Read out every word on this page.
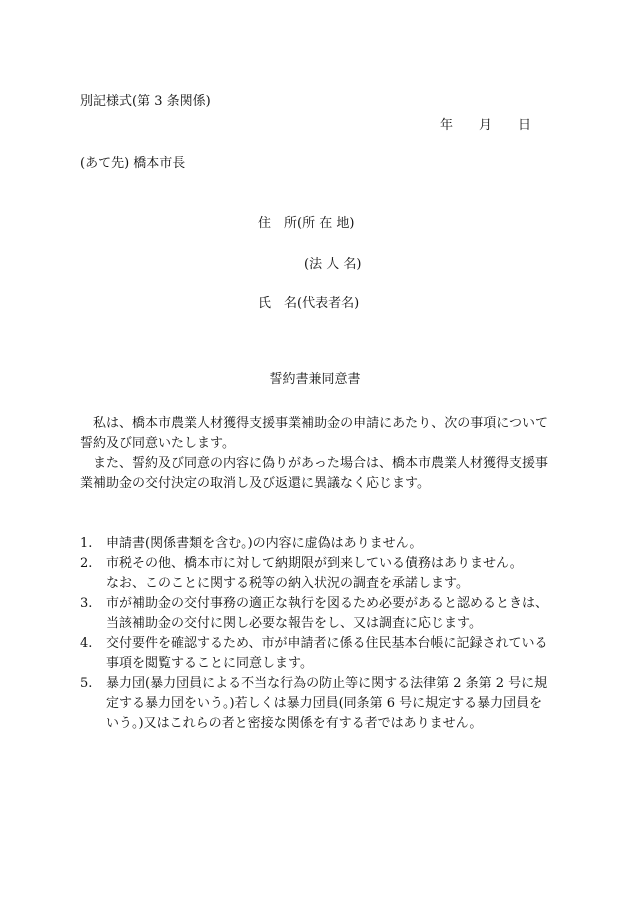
別記様式(第 3 条関係)

年 月 日

(あて先) 橋本市長

住　所(所 在 地)

(法 人 名)

氏　名(代表者名)

誓約書兼同意書

私は、橋本市農業人材獲得支援事業補助金の申請にあたり、次の事項について誓約及び同意いたします。

また、誓約及び同意の内容に偽りがあった場合は、橋本市農業人材獲得支援事業補助金の交付決定の取消し及び返還に異議なく応じます。

1.	申請書(関係書類を含む。)の内容に虚偽はありません。
2.	市税その他、橋本市に対して納期限が到来している債務はありません。
なお、このことに関する税等の納入状況の調査を承諾します。
3.	市が補助金の交付事務の適正な執行を図るため必要があると認めるときは、当該補助金の交付に関し必要な報告をし、又は調査に応じます。
4.	交付要件を確認するため、市が申請者に係る住民基本台帳に記録されている事項を閲覧することに同意します。
5.	暴力団(暴力団員による不当な行為の防止等に関する法律第 2 条第 2 号に規定する暴力団をいう。)若しくは暴力団員(同条第 6 号に規定する暴力団員をいう。)又はこれらの者と密接な関係を有する者ではありません。
